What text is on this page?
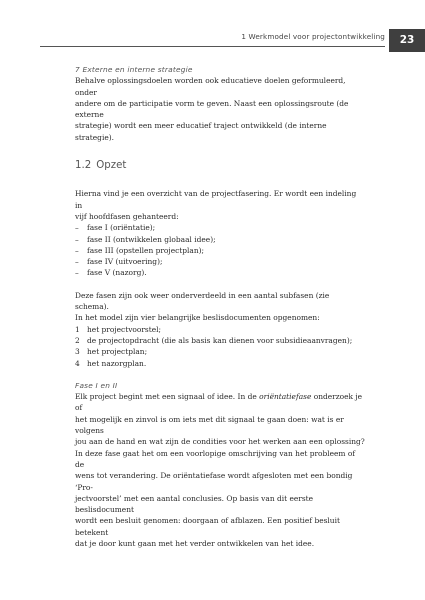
1 Werkmodel voor projectontwikkeling	23

7 Externe en interne strategie

Behalve oplossingsdoelen worden ook educatieve doelen geformuleerd, onder
andere om de participatie vorm te geven. Naast een oplossingsroute (de externe
strategie) wordt een meer educatief traject ontwikkeld (de interne strategie).

1.2 Opzet

Hierna vind je een overzicht van de projectfasering. Er wordt een indeling in
vijf hoofdfasen gehanteerd:

– fase I (oriëntatie);
– fase II (ontwikkelen globaal idee);
– fase III (opstellen projectplan);
– fase IV (uitvoering);
– fase V (nazorg).

Deze fasen zijn ook weer onderverdeeld in een aantal subfasen (zie schema).
In het model zijn vier belangrijke beslisdocumenten opgenomen:

1 het projectvoorstel;
2 de projectopdracht (die als basis kan dienen voor subsidieaanvragen);
3 het projectplan;
4 het nazorgplan.

Fase I en II

Elk project begint met een signaal of idee. In de oriëntatiefase onderzoek je of
het mogelijk en zinvol is om iets met dit signaal te gaan doen: wat is er volgens
jou aan de hand en wat zijn de condities voor het werken aan een oplossing?
In deze fase gaat het om een voorlopige omschrijving van het probleem of de
wens tot verandering. De oriëntatiefase wordt afgesloten met een bondig ‘Pro-
jectvoorstel’ met een aantal conclusies. Op basis van dit eerste beslisdocument
wordt een besluit genomen: doorgaan of afblazen. Een positief besluit betekent
dat je door kunt gaan met het verder ontwikkelen van het idee.
